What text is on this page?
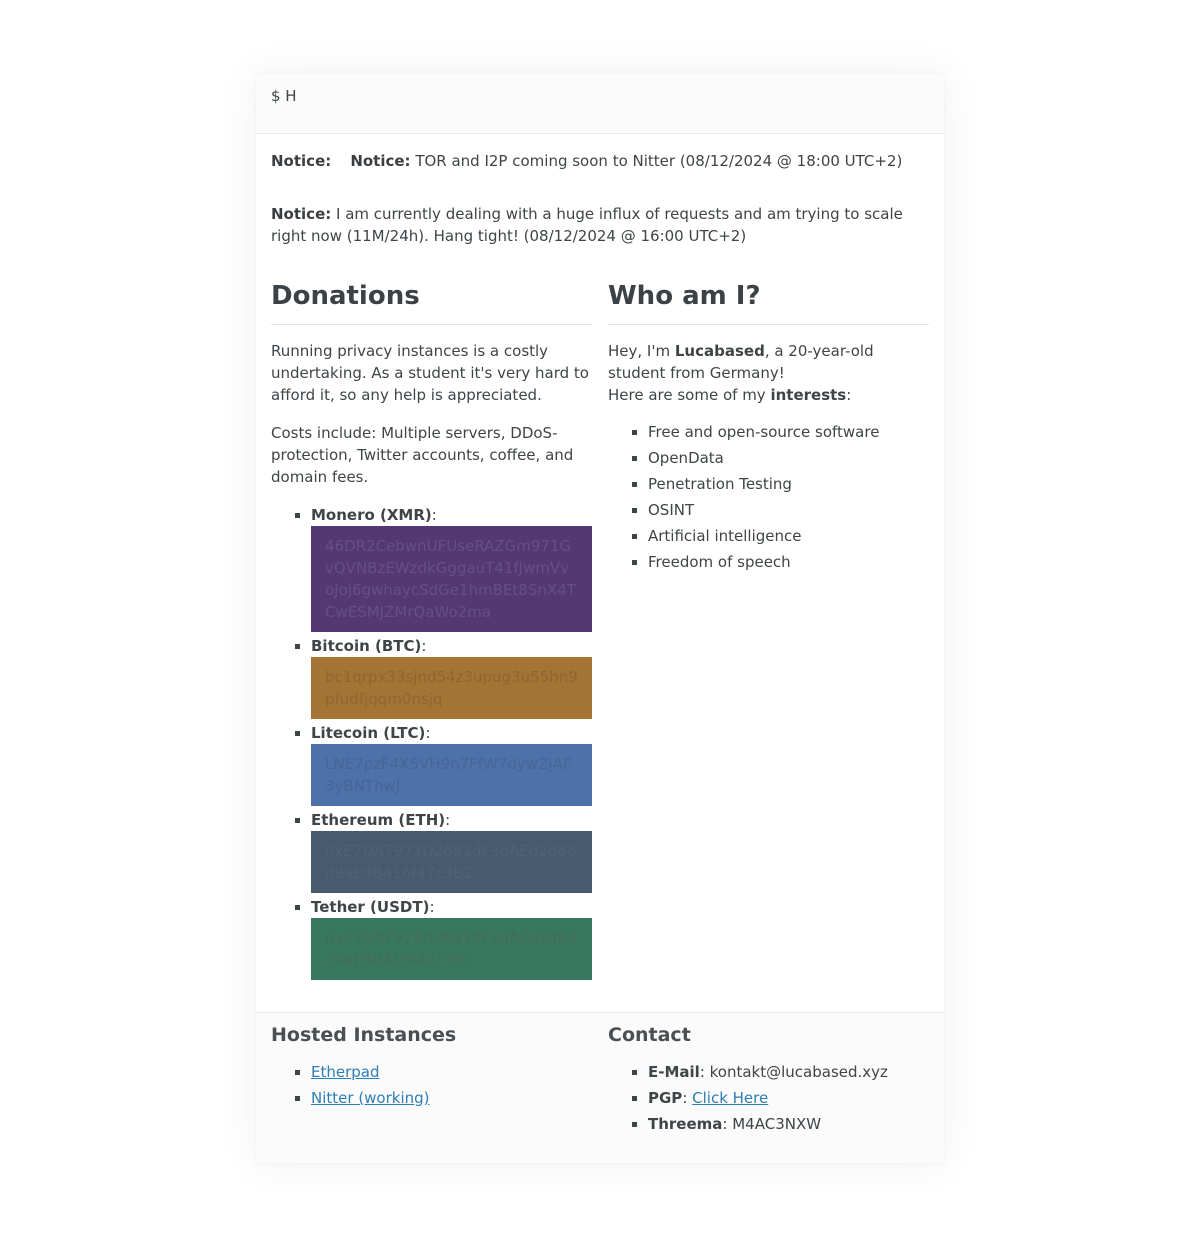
$ H

Notice: Notice: TOR and I2P coming soon to Nitter (08/12/2024 @ 18:00 UTC+2)

Notice: I am currently dealing with a huge influx of requests and am trying to scale right now (11M/24h). Hang tight! (08/12/2024 @ 16:00 UTC+2)

Donations

Running privacy instances is a costly undertaking. As a student it's very hard to afford it, so any help is appreciated.

Costs include: Multiple servers, DDoS-protection, Twitter accounts, coffee, and domain fees.

▪ Monero (XMR):
46DR2CebwnUFUseRAZGm971GvQVNBzEWzdkGggauT41fJwmVvoJoj6gwhaycSdGe1hmBEt8SnX4TCwESMJZMrQaWo2ma
▪ Bitcoin (BTC):
bc1qrpx33sjnd54z3upug3u55hn9pfudfjqqm0nsjq
▪ Litecoin (LTC):
LNE7pzF4X5VH9n7FfW7dywZjAF3yBNThwJ
▪ Ethereum (ETH):
0xE7DA7971D2681dF3dAEd2d66d9aE8B416f47c3B2
▪ Tether (USDT):
0xE7DA7971D2681dF3dAEd2d66d9aE8B416f47c3B2
Who am I?

Hey, I'm Lucabased, a 20-year-old student from Germany!
Here are some of my interests:

▪ Free and open-source software
▪ OpenData
▪ Penetration Testing
▪ OSINT
▪ Artificial intelligence
▪ Freedom of speech
Hosted Instances
▪ Etherpad
▪ Nitter (working)
Contact
▪ E-Mail: kontakt@lucabased.xyz
▪ PGP: Click Here
▪ Threema: M4AC3NXW
